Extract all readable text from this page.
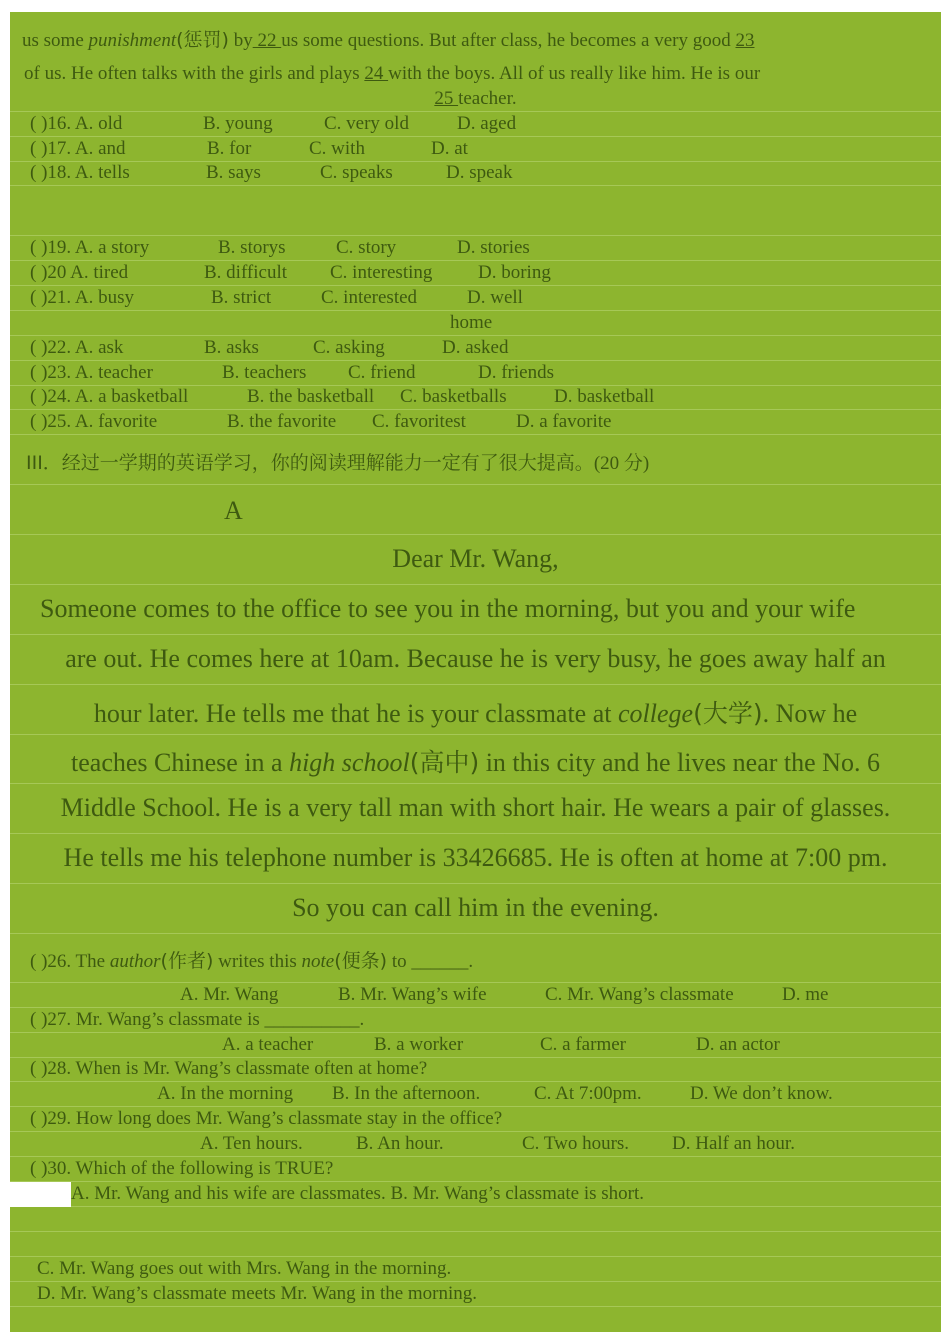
us some punishment(惩罚) by 22 us some questions. But after class, he becomes a very good 23
of us. He often talks with the girls and plays 24 with the boys. All of us really like him. He is our
25 teacher.
( )16. A. old	B. young	C. very old	D. aged
( )17. A. and	B. for	C. with	D. at
( )18. A. tells	B. says	C. speaks	D. speak
( )19. A. a story	B. storys	C. story	D. stories
( )20 A. tired	B. difficult C. interesting D. boring
( )21. A. busy	B. strict	C. interested	D. well
home
( )22. A. ask	B. asks	C. asking	D. asked
( )23. A. teacher	B. teachers C. friend	D. friends
( )24. A. a basketball	B. the basketball C. basketballs D. basketball
( )25. A. favorite	B. the favorite C. favoritest	D. a favorite
III．经过一学期的英语学习，你的阅读理解能力一定有了很大提高。(20 分)
A
Dear Mr. Wang,
Someone comes to the office to see you in the morning, but you and your wife
are out. He comes here at 10am. Because he is very busy, he goes away half an
hour later. He tells me that he is your classmate at college(大学). Now he
teaches Chinese in a high school(高中) in this city and he lives near the No. 6
Middle School. He is a very tall man with short hair. He wears a pair of glasses.
He tells me his telephone number is 33426685. He is often at home at 7:00 pm.
So you can call him in the evening.
( )26. The author(作者) writes this note(便条) to ______.
A. Mr. Wang	B. Mr. Wang’s wife	C. Mr. Wang’s classmate	D. me
( )27. Mr. Wang’s classmate is __________.
A. a teacher	B. a worker	C. a farmer	D. an actor
( )28. When is Mr. Wang’s classmate often at home?
A. In the morning B. In the afternoon.	C. At 7:00pm.	D. We don’t know.
( )29. How long does Mr. Wang’s classmate stay in the office?
A. Ten hours.	B. An hour.	C. Two hours. D. Half an hour.
( )30. Which of the following is TRUE?
A. Mr. Wang and his wife are classmates. B. Mr. Wang’s classmate is short.
C. Mr. Wang goes out with Mrs. Wang in the morning.
D. Mr. Wang’s classmate meets Mr. Wang in the morning.
